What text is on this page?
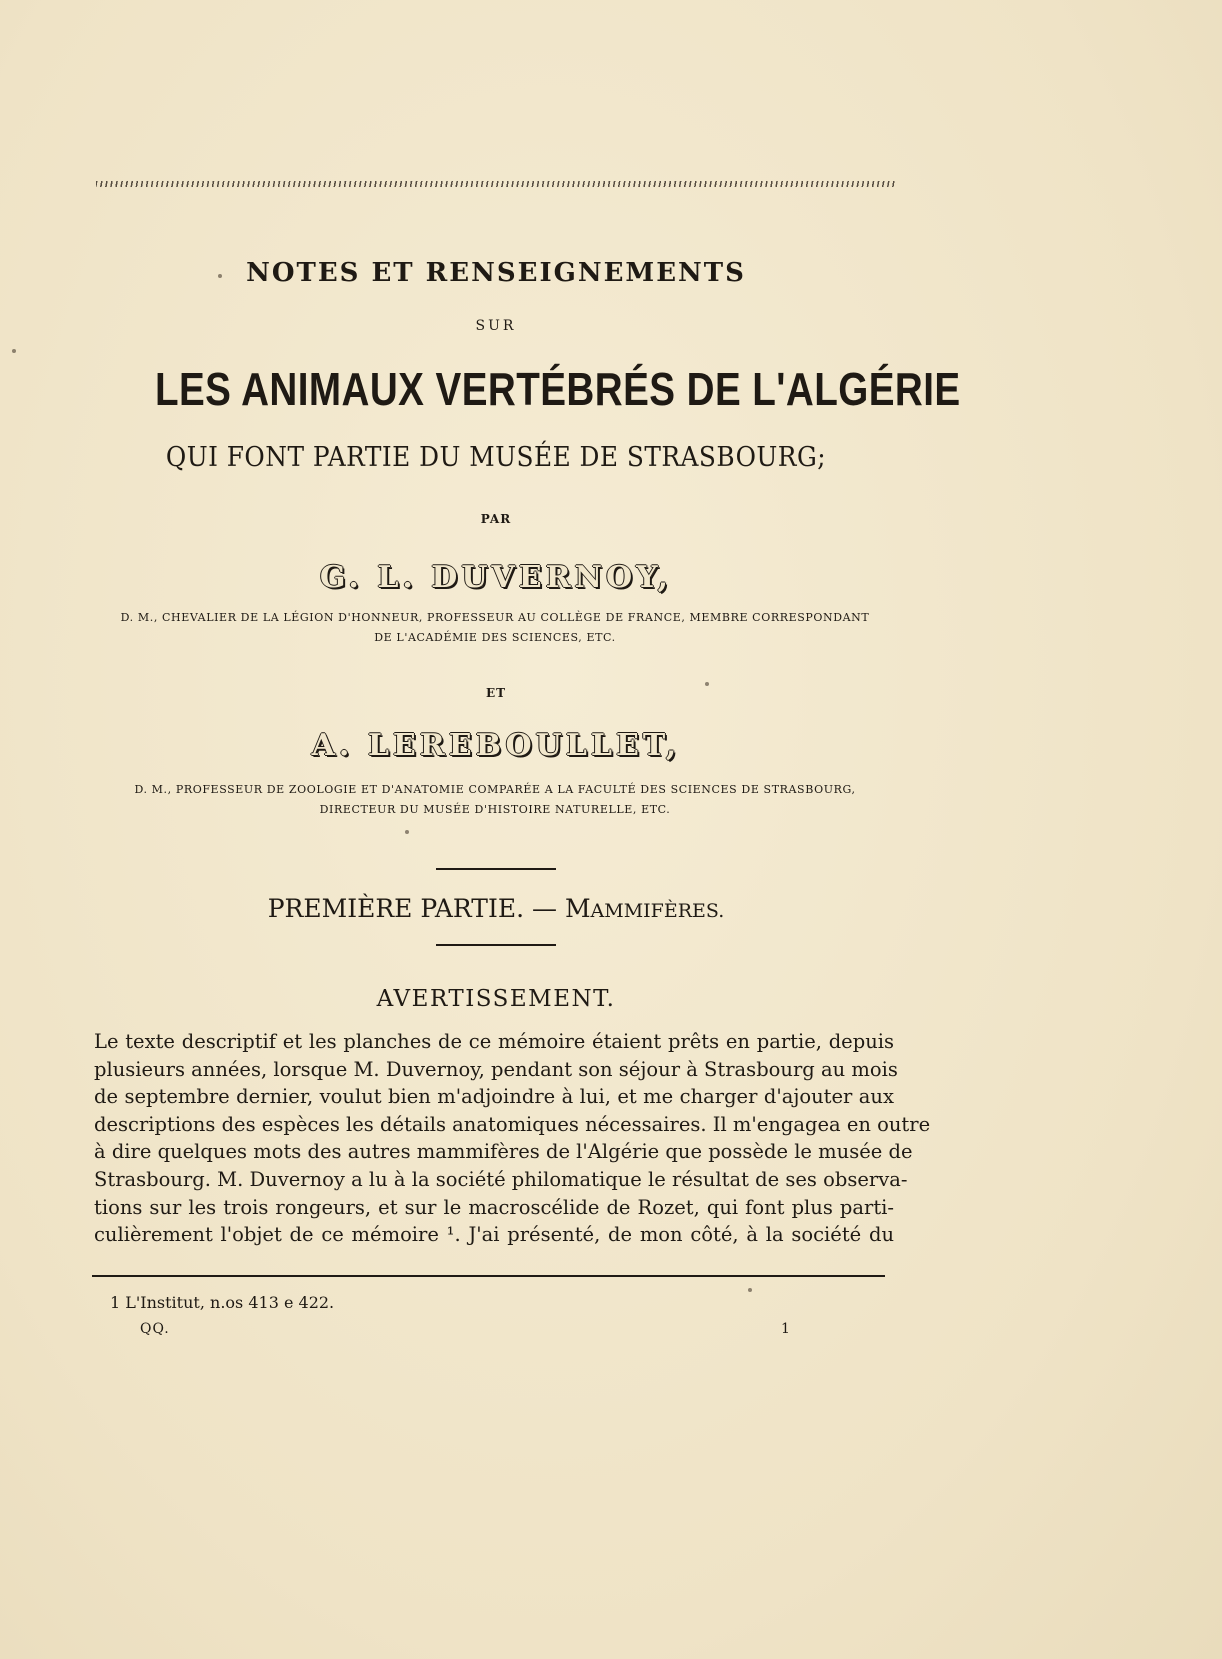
NOTES ET RENSEIGNEMENTS
SUR
LES ANIMAUX VERTÉBRÉS DE L'ALGÉRIE
QUI FONT PARTIE DU MUSÉE DE STRASBOURG;
PAR
G. L. DUVERNOY,
D. M., CHEVALIER DE LA LÉGION D'HONNEUR, PROFESSEUR AU COLLÈGE DE FRANCE, MEMBRE CORRESPONDANT
DE L'ACADÉMIE DES SCIENCES, ETC.
ET
A. LEREBOULLET,
D. M., PROFESSEUR DE ZOOLOGIE ET D'ANATOMIE COMPARÉE A LA FACULTÉ DES SCIENCES DE STRASBOURG,
DIRECTEUR DU MUSÉE D'HISTOIRE NATURELLE, ETC.
PREMIÈRE PARTIE. — MAMMIFÈRES.
AVERTISSEMENT.
Le texte descriptif et les planches de ce mémoire étaient prêts en partie, depuis
plusieurs années, lorsque M. Duvernoy, pendant son séjour à Strasbourg au mois
de septembre dernier, voulut bien m'adjoindre à lui, et me charger d'ajouter aux
descriptions des espèces les détails anatomiques nécessaires. Il m'engagea en outre
à dire quelques mots des autres mammifères de l'Algérie que possède le musée de
Strasbourg. M. Duvernoy a lu à la société philomatique le résultat de ses observa-
tions sur les trois rongeurs, et sur le macroscélide de Rozet, qui font plus parti-
culièrement l'objet de ce mémoire ¹. J'ai présenté, de mon côté, à la société du
1 L'Institut, n.os 413 e 422.
QQ.	1
